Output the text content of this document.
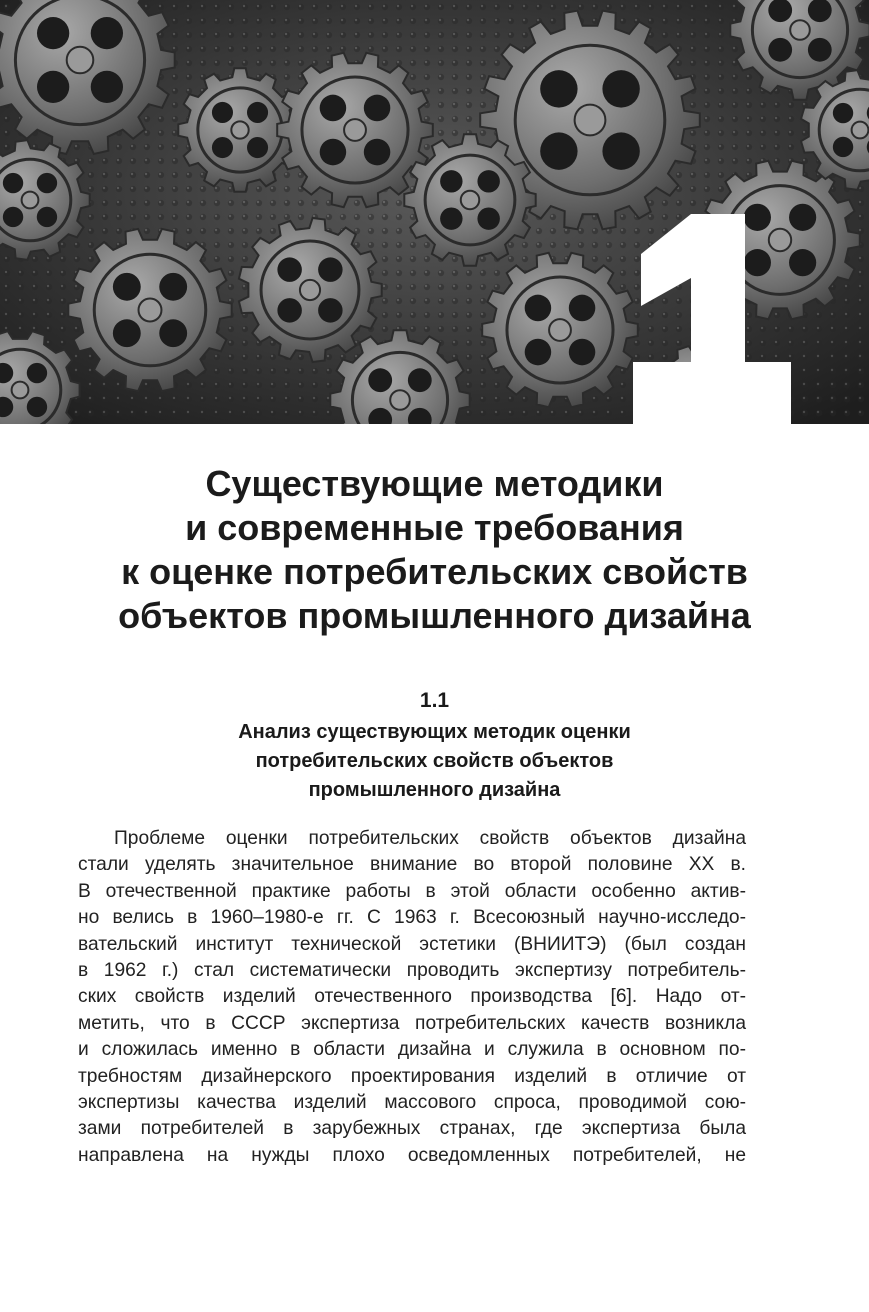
Существующие методики
и современные требования
к оценке потребительских свойств
объектов промышленного дизайна
1.1
Анализ существующих методик оценки
потребительских свойств объектов
промышленного дизайна
Проблеме оценки потребительских свойств объектов дизайна
стали уделять значительное внимание во второй половине XX в.
В отечественной практике работы в этой области особенно актив-
но велись в 1960–1980-е гг. С 1963 г. Всесоюзный научно-исследо-
вательский институт технической эстетики (ВНИИТЭ) (был создан
в 1962 г.) стал систематически проводить экспертизу потребитель-
ских свойств изделий отечественного производства [6]. Надо от-
метить, что в СССР экспертиза потребительских качеств возникла
и сложилась именно в области дизайна и служила в основном по-
требностям дизайнерского проектирования изделий в отличие от
экспертизы качества изделий массового спроса, проводимой сою-
зами потребителей в зарубежных странах, где экспертиза была
направлена на нужды плохо осведомленных потребителей, не
